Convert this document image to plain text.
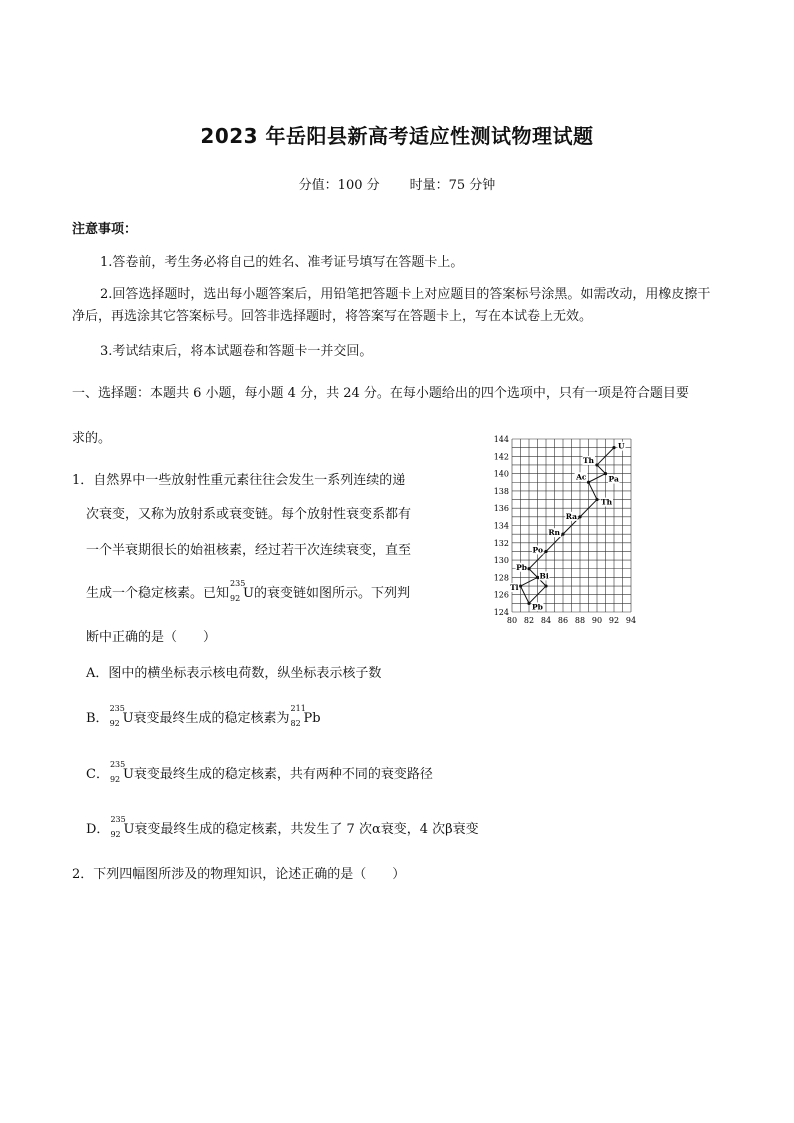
2023 年岳阳县新高考适应性测试物理试题
分值：100 分 时量：75 分钟
注意事项：
1.答卷前，考生务必将自己的姓名、准考证号填写在答题卡上。
2.回答选择题时，选出每小题答案后，用铅笔把答题卡上对应题目的答案标号涂黑。如需改动，用橡皮擦干净后，再选涂其它答案标号。回答非选择题时，将答案写在答题卡上，写在本试卷上无效。
3.考试结束后，将本试题卷和答题卡一并交回。
一、选择题：本题共 6 小题，每小题 4 分，共 24 分。在每小题给出的四个选项中，只有一项是符合题目要
求的。
1．自然界中一些放射性重元素往往会发生一系列连续的递
次衰变，又称为放射系或衰变链。每个放射性衰变系都有
一个半衰期很长的始祖核素，经过若干次连续衰变，直至
生成一个稳定核素。已知
235
92 U的衰变链如图所示。下列判
断中正确的是（　　）
A．图中的横坐标表示核电荷数，纵坐标表示核子数
B．
235
92 U衰变最终生成的稳定核素为
211
82 Pb
C．
235
92 U衰变最终生成的稳定核素，共有两种不同的衰变路径
D．
235
92 U衰变最终生成的稳定核素，共发生了 7 次α衰变，4 次β衰变
2．下列四幅图所涉及的物理知识，论述正确的是（　　）
U
Th
Pa
Ac
Th
Ra
Rn
Po
Pb
Bi
Tl
Pb
80 82 84 86 88 90 92 94
124
126
128
130
132
134
136
138
140
142
144
